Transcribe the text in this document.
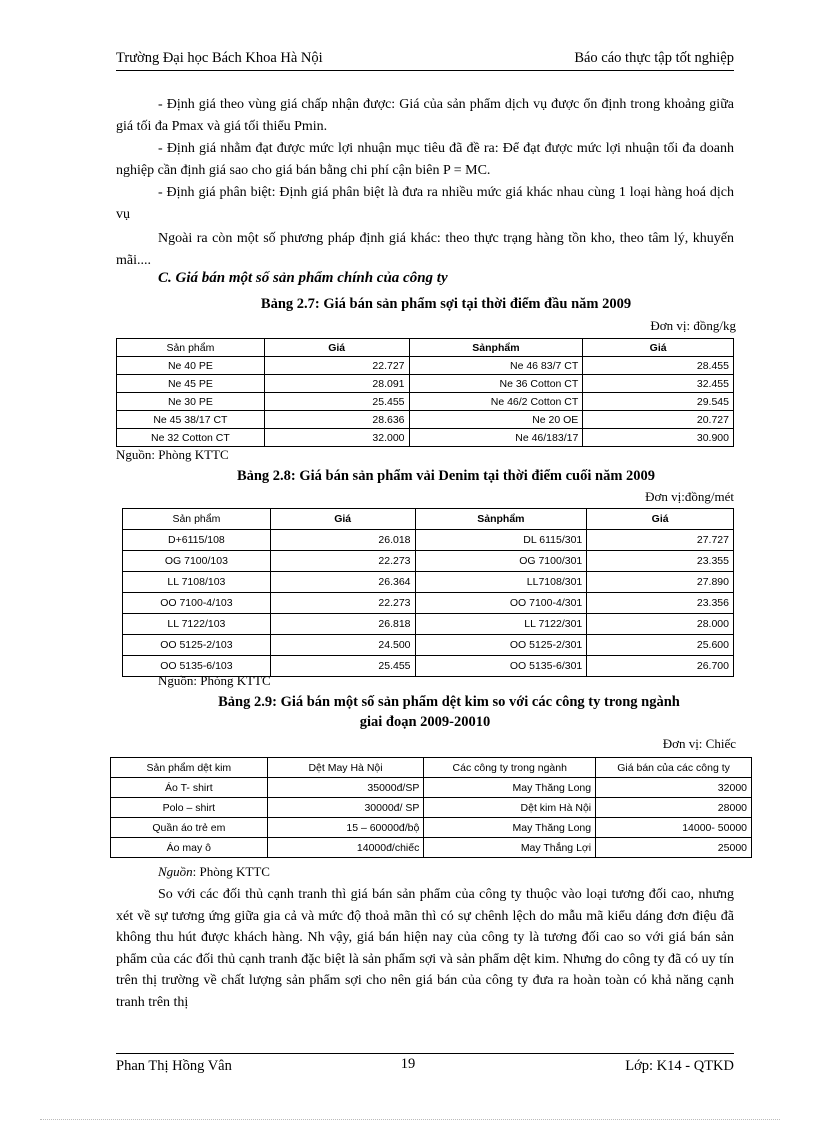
Trường Đại học Bách Khoa Hà Nội	Báo cáo thực tập tốt nghiệp
- Định giá theo vùng giá chấp nhận được: Giá của sản phẩm dịch vụ được ổn định trong khoảng giữa giá tối đa Pmax và giá tối thiểu Pmin.
- Định giá nhằm đạt được mức lợi nhuận mục tiêu đã đề ra: Để đạt được mức lợi nhuận tối đa doanh nghiệp cần định giá sao cho giá bán bằng chi phí cận biên P = MC.
- Định giá phân biệt: Định giá phân biệt là đưa ra nhiều mức giá khác nhau cùng 1 loại hàng hoá dịch vụ
Ngoài ra còn một số phương pháp định giá khác: theo thực trạng hàng tồn kho, theo tâm lý, khuyến mãi....
C. Giá bán một số sản phẩm chính của công ty
Bảng 2.7: Giá bán sản phẩm sợi tại thời điểm đầu năm 2009
Đơn vị: đồng/kg
Sản phẩm	Giá	Sảnphẩm	Giá
Ne 40 PE	22.727	Ne 46 83/7 CT	28.455
Ne 45 PE	28.091	Ne 36 Cotton CT	32.455
Ne 30 PE	25.455	Ne 46/2 Cotton CT	29.545
Ne 45 38/17 CT	28.636	Ne 20 OE	20.727
Ne 32 Cotton CT	32.000	Ne 46/183/17	30.900
Nguồn: Phòng KTTC
Bảng 2.8: Giá bán sản phẩm vải Denim tại thời điểm cuối năm 2009
Đơn vị:đồng/mét
Sản phẩm	Giá	Sảnphẩm	Giá
D+6115/108	26.018	DL 6115/301	27.727
OG 7100/103	22.273	OG 7100/301	23.355
LL 7108/103	26.364	LL7108/301	27.890
OO 7100-4/103	22.273	OO 7100-4/301	23.356
LL 7122/103	26.818	LL 7122/301	28.000
OO 5125-2/103	24.500	OO 5125-2/301	25.600
OO 5135-6/103	25.455	OO 5135-6/301	26.700
Nguồn: Phòng KTTC
Bảng 2.9: Giá bán một số sản phẩm dệt kim so với các công ty trong ngành
giai đoạn 2009-20010
Đơn vị: Chiếc
Sản phẩm dệt kim	Dệt May Hà Nội	Các công ty trong ngành	Giá bán của các công ty
Áo T- shirt	35000đ/SP	May Thăng Long	32000
Polo – shirt	30000đ/ SP	Dệt kim Hà Nội	28000
Quần áo trẻ em	15 – 60000đ/bộ	May Thăng Long	14000- 50000
Áo may ô	14000đ/chiếc	May Thắng Lợi	25000
Nguồn: Phòng KTTC
So với các đối thủ cạnh tranh thì giá bán sản phẩm của công ty thuộc vào loại tương đối cao, nhưng xét về sự tương ứng giữa gia cả và mức độ thoả mãn thì có sự chênh lệch do mẫu mã kiểu dáng đơn điệu đã không thu hút được khách hàng. Nh vậy, giá bán hiện nay của công ty là tương đối cao so với giá bán sản phẩm của các đối thủ cạnh tranh đặc biệt là sản phẩm sợi và sản phẩm dệt kim. Nhưng do công ty đã có uy tín trên thị trường về chất lượng sản phẩm sợi cho nên giá bán của công ty đưa ra hoàn toàn có khả năng cạnh tranh trên thị
Phan Thị Hồng Vân	19	Lớp: K14 - QTKD
